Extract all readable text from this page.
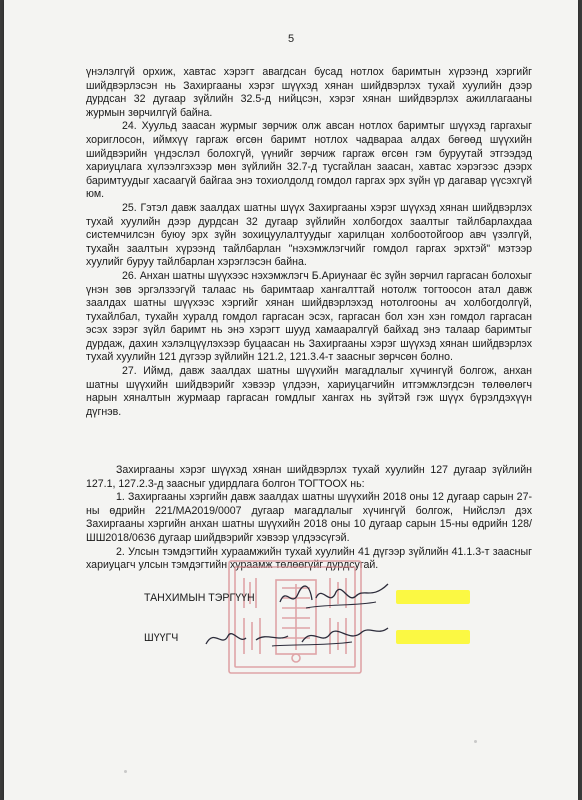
5

үнэлэлгүй орхиж, хавтас хэрэгт авагдсан бусад нотлох баримтын хүрээнд хэргийг шийдвэрлэсэн нь Захиргааны хэрэг шүүхэд хянан шийдвэрлэх тухай хуулийн дээр дурдсан 32 дугаар зүйлийн 32.5-д нийцсэн, хэрэг хянан шийдвэрлэх ажиллагааны журмын зөрчилгүй байна.

24. Хуульд заасан журмыг зөрчиж олж авсан нотлох баримтыг шүүхэд гаргахыг хориглосон, иймхүү гаргаж өгсөн баримт нотлох чадвараа алдах бөгөөд шүүхийн шийдвэрийн үндэслэл болохгүй, үүнийг зөрчиж гаргаж өгсөн гэм буруутай этгээдэд хариуцлага хүлээлгэхээр мөн зүйлийн 32.7-д тусгайлан заасан, хавтас хэрэгээс дээрх баримтуудыг хасаагүй байгаа энэ тохиолдолд гомдол гаргах эрх зүйн үр дагавар үүсэхгүй юм.

25. Гэтэл давж заалдах шатны шүүх Захиргааны хэрэг шүүхэд хянан шийдвэрлэх тухай хуулийн дээр дурдсан 32 дугаар зүйлийн холбогдох заалтыг тайлбарлахдаа системчилсэн буюу эрх зүйн зохицуулалтуудыг харилцан холбоотойгоор авч үзэлгүй, тухайн заалтын хүрээнд тайлбарлан "нэхэмжлэгчийг гомдол гаргах эрхтэй" мэтээр хуулийг буруу тайлбарлан хэрэглэсэн байна.

26. Анхан шатны шүүхээс нэхэмжлэгч Б.Ариунааг ёс зүйн зөрчил гаргасан болохыг үнэн зөв эргэлзээгүй талаас нь баримтаар хангалттай нотолж тогтоосон атал давж заалдах шатны шүүхээс хэргийг хянан шийдвэрлэхэд нотолгооны ач холбогдолгүй, тухайлбал, тухайн хуралд гомдол гаргасан эсэх, гаргасан бол хэн хэн гомдол гаргасан эсэх зэрэг зүйл баримт нь энэ хэрэгт шууд хамааралгүй байхад энэ талаар баримтыг дурдаж, дахин хэлэлцүүлэхээр буцаасан нь Захиргааны хэрэг шүүхэд хянан шийдвэрлэх тухай хуулийн 121 дүгээр зүйлийн 121.2, 121.3.4-т заасныг зөрчсөн болно.

27. Иймд, давж заалдах шатны шүүхийн магадлалыг хүчингүй болгож, анхан шатны шүүхийн шийдвэрийг хэвээр үлдээн, хариуцагчийн итгэмжлэгдсэн төлөөлөгч нарын хяналтын журмаар гаргасан гомдлыг хангах нь зүйтэй гэж шүүх бүрэлдэхүүн дүгнэв.

Захиргааны хэрэг шүүхэд хянан шийдвэрлэх тухай хуулийн 127 дугаар зүйлийн 127.1, 127.2.3-д заасныг удирдлага болгон ТОГТООХ нь:

1. Захиргааны хэргийн давж заалдах шатны шүүхийн 2018 оны 12 дугаар сарын 27-ны өдрийн 221/МА2019/0007 дугаар магадлалыг хүчингүй болгож, Нийслэл дэх Захиргааны хэргийн анхан шатны шүүхийн 2018 оны 10 дугаар сарын 15-ны өдрийн 128/ШШ2018/0636 дугаар шийдвэрийг хэвээр үлдээсүгэй.
2. Улсын тэмдэгтийн хураамжийн тухай хуулийн 41 дүгээр зүйлийн 41.1.3-т заасныг хариуцагч улсын тэмдэгтийн хураамж төлөөгүйг дурдсугай.
ТАНХИМЫН ТЭРГҮҮН
ШҮҮГЧ
